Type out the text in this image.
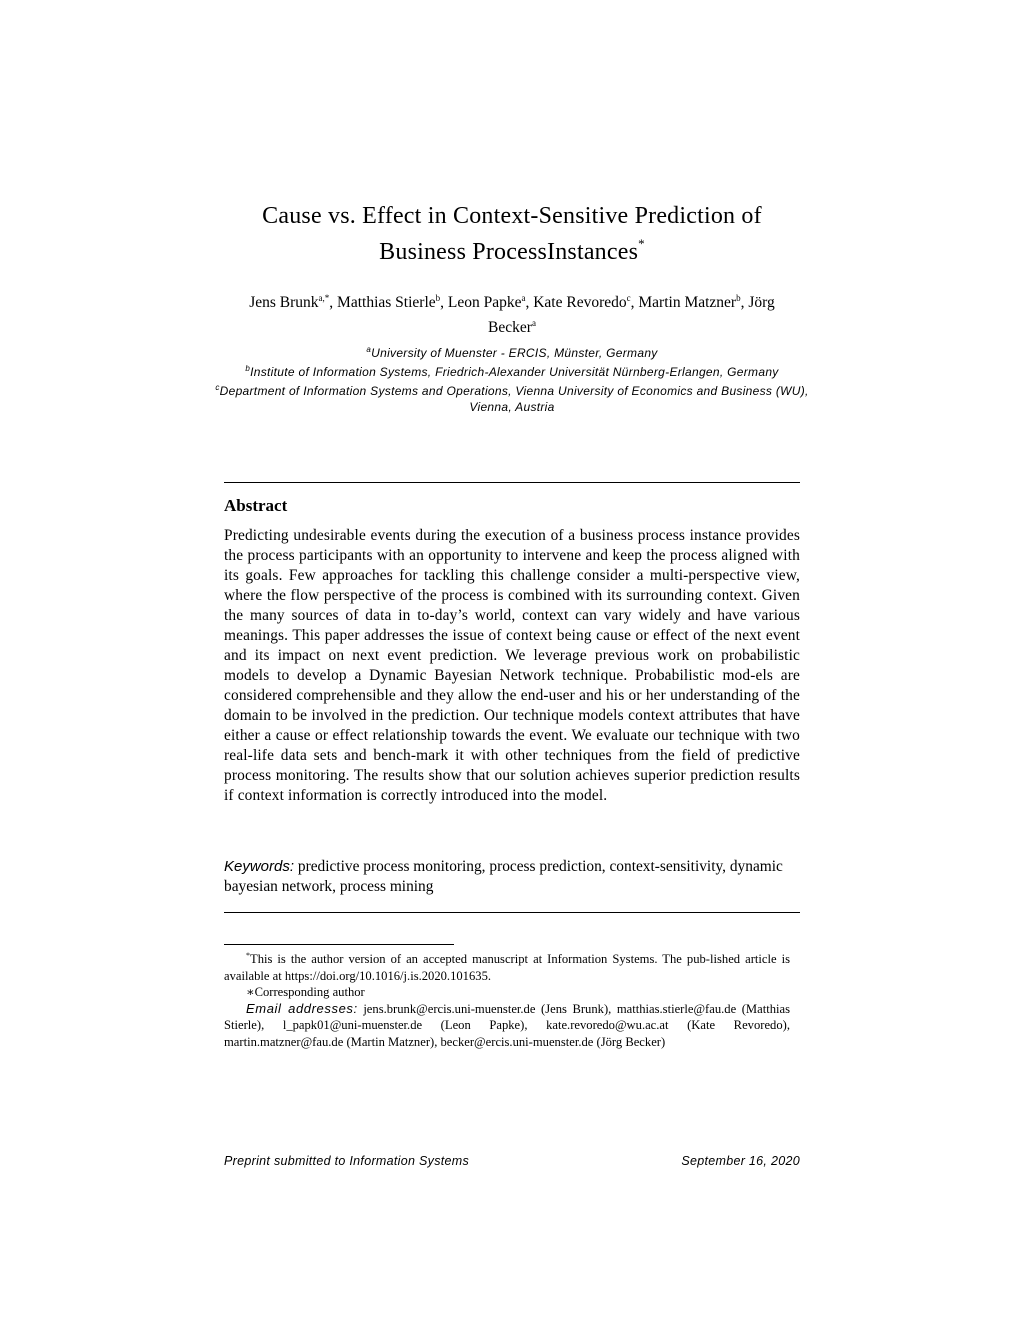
Cause vs. Effect in Context-Sensitive Prediction of
Business ProcessInstances*
Jens Brunk$^{a,*}$, Matthias Stierle$^b$, Leon Papke$^a$, Kate Revoredo$^c$, Martin Matzner$^b$, Jörg Becker$^a$
$^a$University of Muenster - ERCIS, Münster, Germany
$^b$Institute of Information Systems, Friedrich-Alexander Universität Nürnberg-Erlangen, Germany
$^c$Department of Information Systems and Operations, Vienna University of Economics and Business (WU), Vienna, Austria
Abstract

Predicting undesirable events during the execution of a business process instance provides the process participants with an opportunity to intervene and keep the process aligned with its goals. Few approaches for tackling this challenge consider a multi-perspective view, where the flow perspective of the process is combined with its surrounding context. Given the many sources of data in to-day’s world, context can vary widely and have various meanings. This paper addresses the issue of context being cause or effect of the next event and its impact on next event prediction. We leverage previous work on probabilistic models to develop a Dynamic Bayesian Network technique. Probabilistic mod-els are considered comprehensible and they allow the end-user and his or her understanding of the domain to be involved in the prediction. Our technique models context attributes that have either a cause or effect relationship towards the event. We evaluate our technique with two real-life data sets and bench-mark it with other techniques from the field of predictive process monitoring. The results show that our solution achieves superior prediction results if context information is correctly introduced into the model.

Keywords: predictive process monitoring, process prediction, context-sensitivity, dynamic bayesian network, process mining

*This is the author version of an accepted manuscript at Information Systems. The pub-lished article is available at https://doi.org/10.1016/j.is.2020.101635.

∗Corresponding author

Email addresses: jens.brunk@ercis.uni-muenster.de (Jens Brunk), matthias.stierle@fau.de (Matthias Stierle), l_papk01@uni-muenster.de (Leon Papke), kate.revoredo@wu.ac.at (Kate Revoredo), martin.matzner@fau.de (Martin Matzner), becker@ercis.uni-muenster.de (Jörg Becker)

Preprint submitted to Information Systems	September 16, 2020
